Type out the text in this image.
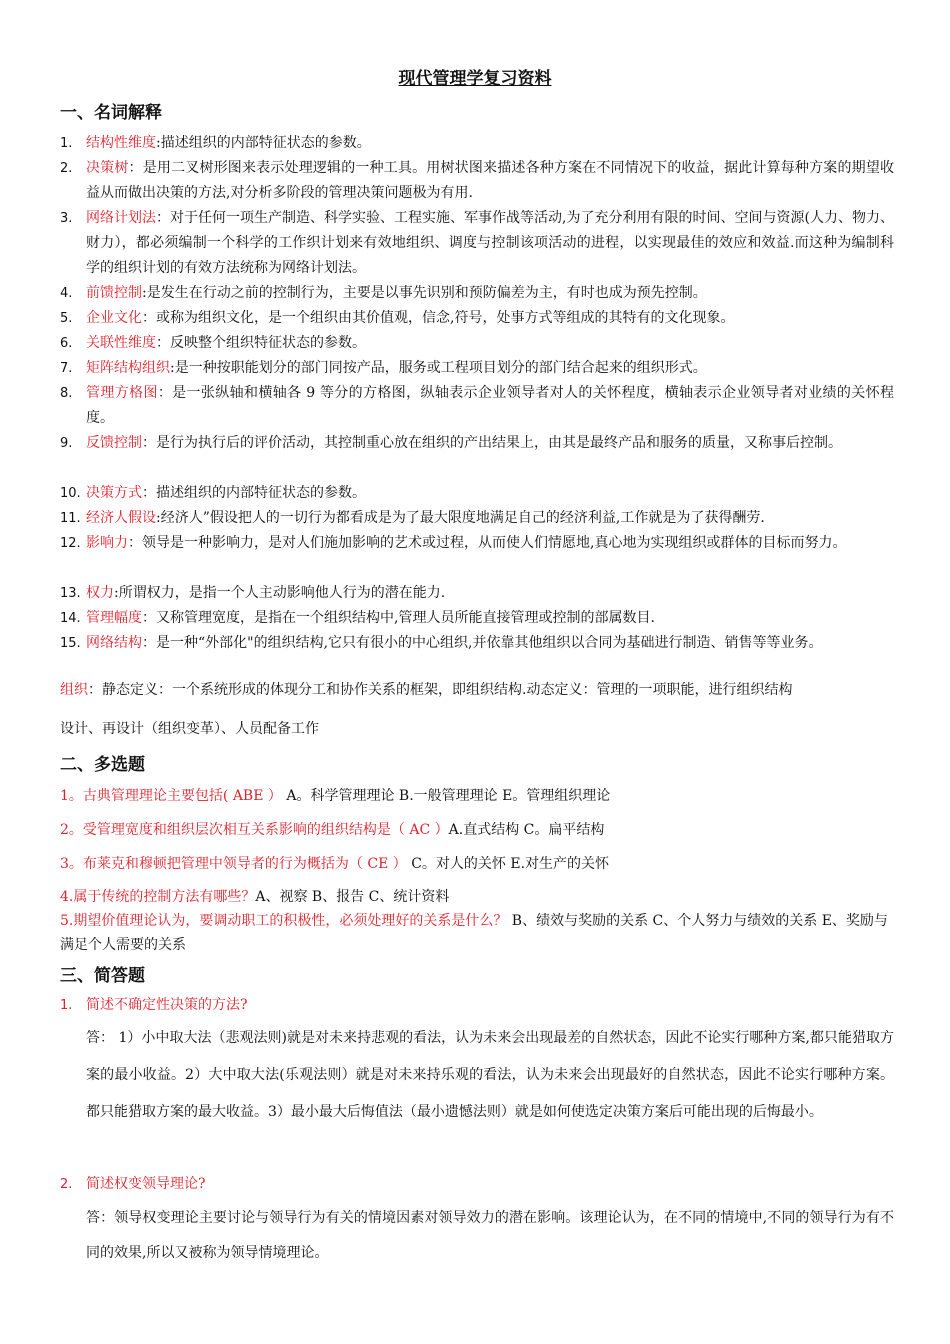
现代管理学复习资料
一、名词解释
1. 结构性维度:描述组织的内部特征状态的参数。
2. 决策树：是用二叉树形图来表示处理逻辑的一种工具。用树状图来描述各种方案在不同情况下的收益，据此计算每种方案的期望收益从而做出决策的方法,对分析多阶段的管理决策问题极为有用.
3. 网络计划法：对于任何一项生产制造、科学实验、工程实施、军事作战等活动,为了充分利用有限的时间、空间与资源(人力、物力、财力），都必须编制一个科学的工作织计划来有效地组织、调度与控制该项活动的进程，以实现最佳的效应和效益.而这种为编制科学的组织计划的有效方法统称为网络计划法。
4. 前馈控制:是发生在行动之前的控制行为，主要是以事先识别和预防偏差为主，有时也成为预先控制。
5. 企业文化：或称为组织文化，是一个组织由其价值观，信念,符号，处事方式等组成的其特有的文化现象。
6. 关联性维度：反映整个组织特征状态的参数。
7. 矩阵结构组织:是一种按职能划分的部门同按产品，服务或工程项目划分的部门结合起来的组织形式。
8. 管理方格图：是一张纵轴和横轴各 9 等分的方格图，纵轴表示企业领导者对人的关怀程度，横轴表示企业领导者对业绩的关怀程度。
9. 反馈控制：是行为执行后的评价活动，其控制重心放在组织的产出结果上，由其是最终产品和服务的质量，又称事后控制。
10. 决策方式：描述组织的内部特征状态的参数。
11. 经济人假设:经济人”假设把人的一切行为都看成是为了最大限度地满足自己的经济利益,工作就是为了获得酬劳.
12. 影响力：领导是一种影响力，是对人们施加影响的艺术或过程，从而使人们情愿地,真心地为实现组织或群体的目标而努力。
13. 权力:所谓权力，是指一个人主动影响他人行为的潜在能力.
14. 管理幅度：又称管理宽度，是指在一个组织结构中,管理人员所能直接管理或控制的部属数目.
15. 网络结构：是一种“外部化"的组织结构,它只有很小的中心组织,并依靠其他组织以合同为基础进行制造、销售等等业务。
组织：静态定义：一个系统形成的体现分工和协作关系的框架，即组织结构.动态定义：管理的一项职能，进行组织结构
设计、再设计（组织变革）、人员配备工作
二、多选题
1。古典管理理论主要包括( ABE ） A。科学管理理论 B.一般管理理论 E。管理组织理论
2。受管理宽度和组织层次相互关系影响的组织结构是（ AC ）A.直式结构 C。扁平结构
3。布莱克和穆顿把管理中领导者的行为概括为（ CE ） C。对人的关怀 E.对生产的关怀
4.属于传统的控制方法有哪些？A、视察 B、报告 C、统计资料
5.期望价值理论认为，要调动职工的积极性，必须处理好的关系是什么？ B、绩效与奖励的关系 C、个人努力与绩效的关系 E、奖励与满足个人需要的关系
三、简答题
1. 简述不确定性决策的方法?
答： 1）小中取大法（悲观法则)就是对未来持悲观的看法，认为未来会出现最差的自然状态，因此不论实行哪种方案,都只能猎取方案的最小收益。2）大中取大法(乐观法则）就是对未来持乐观的看法，认为未来会出现最好的自然状态，因此不论实行哪种方案。都只能猎取方案的最大收益。3）最小最大后悔值法（最小遗憾法则）就是如何使选定决策方案后可能出现的后悔最小。
2. 简述权变领导理论?
答：领导权变理论主要讨论与领导行为有关的情境因素对领导效力的潜在影响。该理论认为，在不同的情境中,不同的领导行为有不同的效果,所以又被称为领导情境理论。
